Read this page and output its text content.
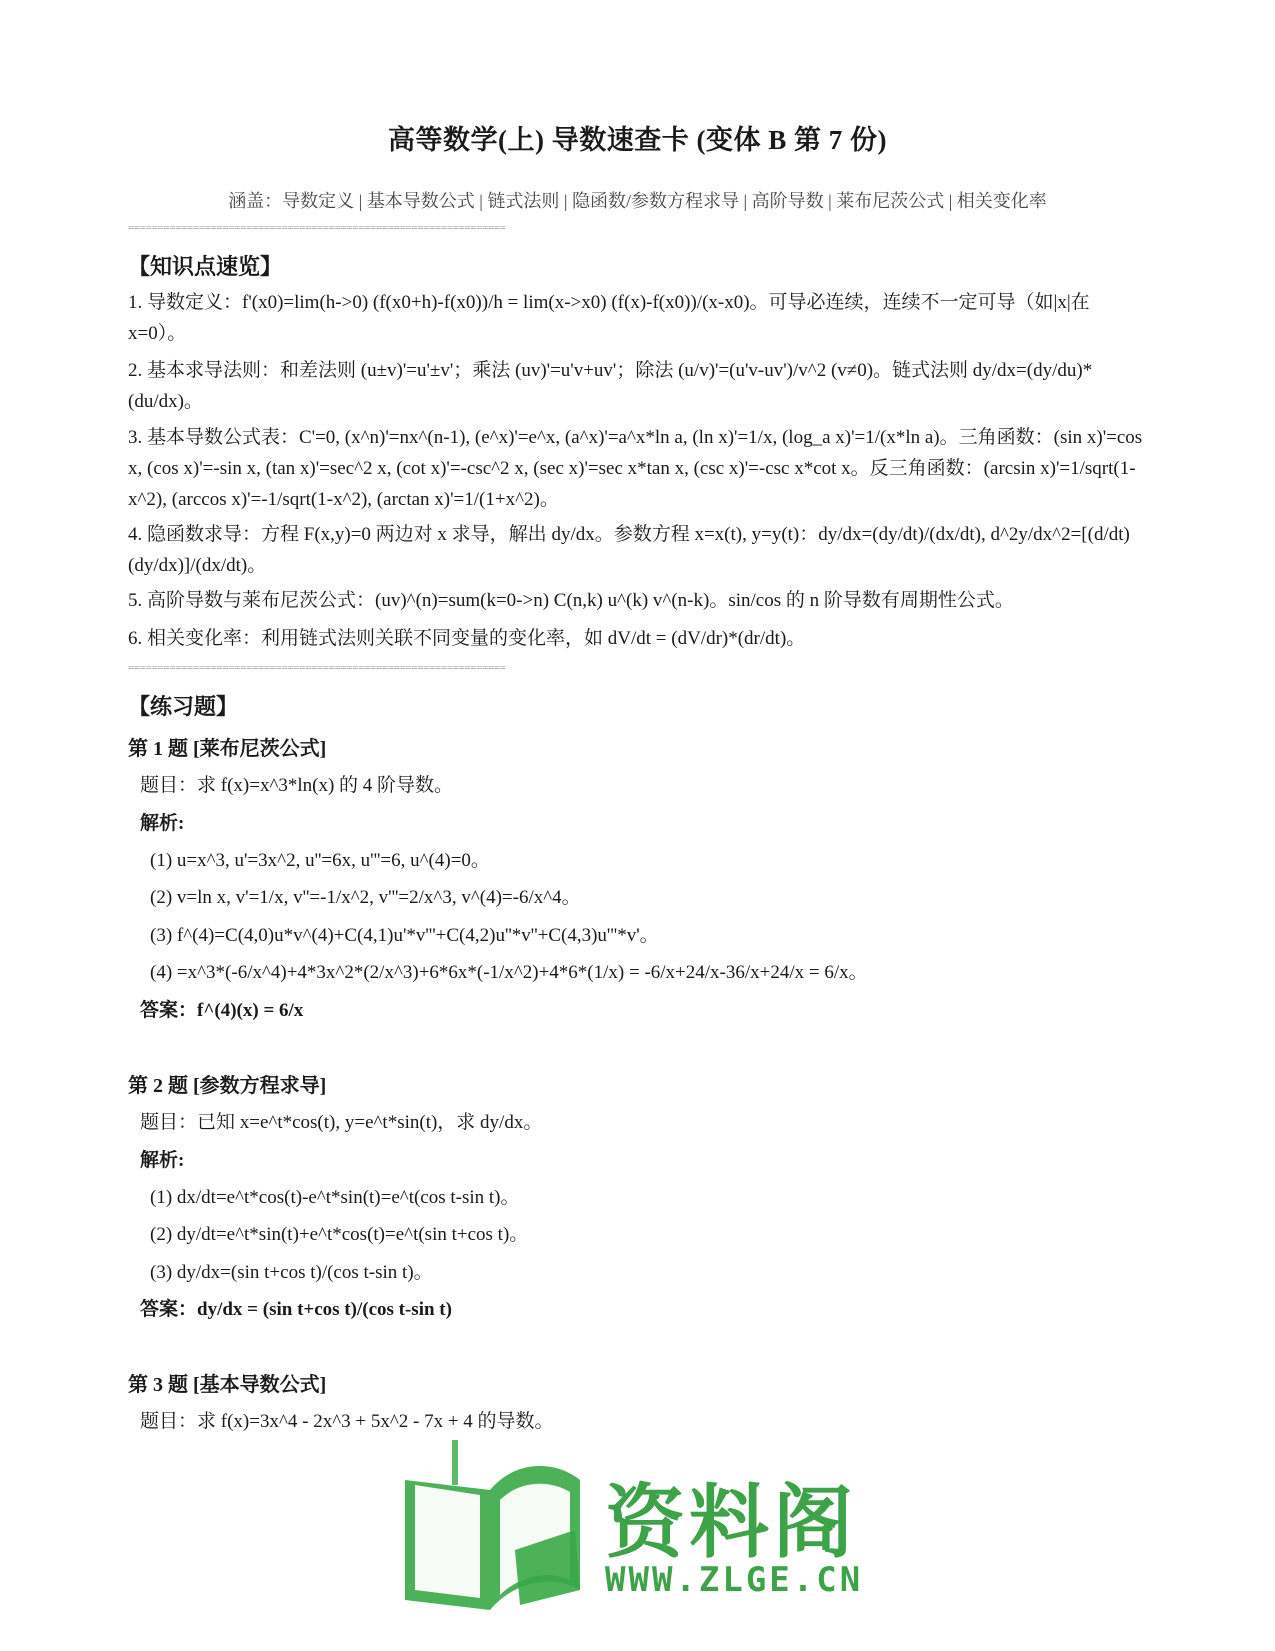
高等数学(上) 导数速查卡 (变体 B 第 7 份)
涵盖：导数定义 | 基本导数公式 | 链式法则 | 隐函数/参数方程求导 | 高阶导数 | 莱布尼茨公式 | 相关变化率
================================================================
【知识点速览】
1. 导数定义：f'(x0)=lim(h->0) (f(x0+h)-f(x0))/h = lim(x->x0) (f(x)-f(x0))/(x-x0)。可导必连续，连续不一定可导（如|x|在 x=0）。
2. 基本求导法则：和差法则 (u±v)'=u'±v'；乘法 (uv)'=u'v+uv'；除法 (u/v)'=(u'v-uv')/v^2 (v≠0)。链式法则 dy/dx=(dy/du)*(du/dx)。
3. 基本导数公式表：C'=0, (x^n)'=nx^(n-1), (e^x)'=e^x, (a^x)'=a^x*ln a, (ln x)'=1/x, (log_a x)'=1/(x*ln a)。三角函数：(sin x)'=cos x, (cos x)'=-sin x, (tan x)'=sec^2 x, (cot x)'=-csc^2 x, (sec x)'=sec x*tan x, (csc x)'=-csc x*cot x。反三角函数：(arcsin x)'=1/sqrt(1-x^2), (arccos x)'=-1/sqrt(1-x^2), (arctan x)'=1/(1+x^2)。
4. 隐函数求导：方程 F(x,y)=0 两边对 x 求导，解出 dy/dx。参数方程 x=x(t), y=y(t)：dy/dx=(dy/dt)/(dx/dt), d^2y/dx^2=[(d/dt)(dy/dx)]/(dx/dt)。
5. 高阶导数与莱布尼茨公式：(uv)^(n)=sum(k=0->n) C(n,k) u^(k) v^(n-k)。sin/cos 的 n 阶导数有周期性公式。
6. 相关变化率：利用链式法则关联不同变量的变化率，如 dV/dt = (dV/dr)*(dr/dt)。
================================================================
【练习题】
第 1 题 [莱布尼茨公式]
题目：求 f(x)=x^3*ln(x) 的 4 阶导数。
解析:
(1) u=x^3, u'=3x^2, u''=6x, u'''=6, u^(4)=0。
(2) v=ln x, v'=1/x, v''=-1/x^2, v'''=2/x^3, v^(4)=-6/x^4。
(3) f^(4)=C(4,0)u*v^(4)+C(4,1)u'*v'''+C(4,2)u''*v''+C(4,3)u'''*v'。
(4) =x^3*(-6/x^4)+4*3x^2*(2/x^3)+6*6x*(-1/x^2)+4*6*(1/x) = -6/x+24/x-36/x+24/x = 6/x。
答案：f^(4)(x) = 6/x
第 2 题 [参数方程求导]
题目：已知 x=e^t*cos(t), y=e^t*sin(t)，求 dy/dx。
解析:
(1) dx/dt=e^t*cos(t)-e^t*sin(t)=e^t(cos t-sin t)。
(2) dy/dt=e^t*sin(t)+e^t*cos(t)=e^t(sin t+cos t)。
(3) dy/dx=(sin t+cos t)/(cos t-sin t)。
答案：dy/dx = (sin t+cos t)/(cos t-sin t)
第 3 题 [基本导数公式]
题目：求 f(x)=3x^4 - 2x^3 + 5x^2 - 7x + 4 的导数。
资料阁
WWW.ZLGE.CN
